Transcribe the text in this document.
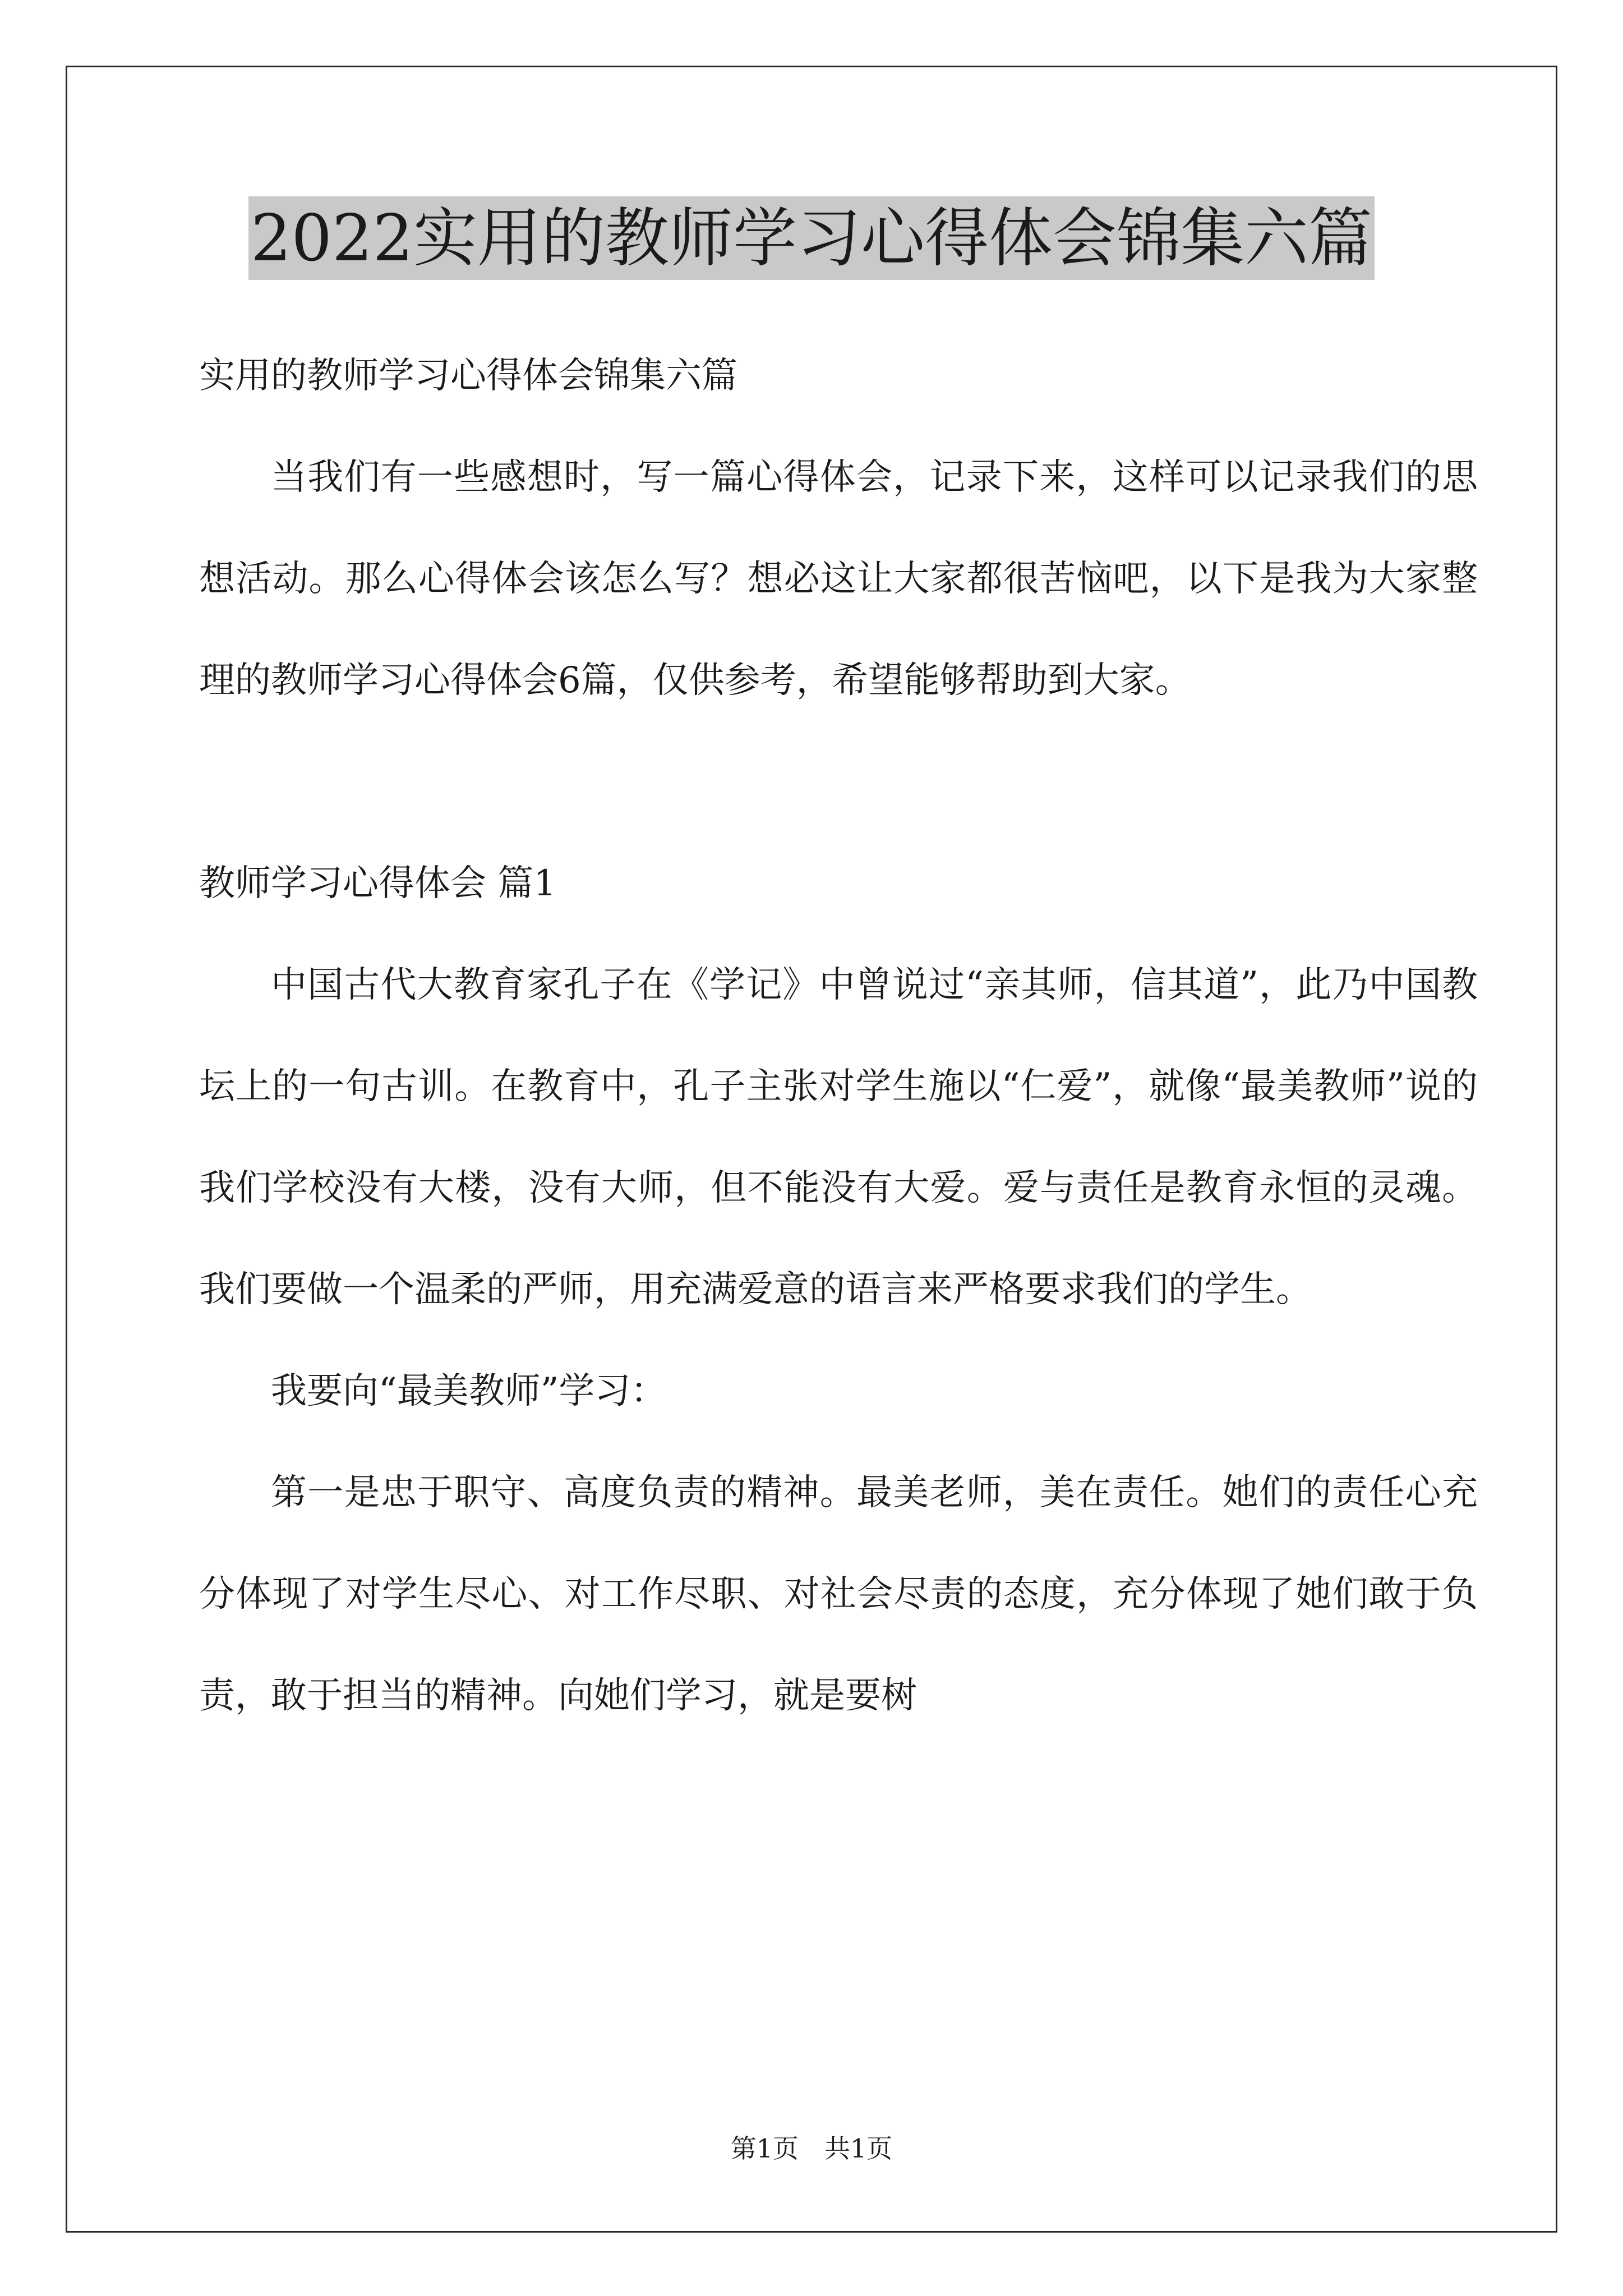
2022实用的教师学习心得体会锦集六篇

实用的教师学习心得体会锦集六篇

当我们有一些感想时，写一篇心得体会，记录下来，这样可以记录我们的思想活动。那么心得体会该怎么写？想必这让大家都很苦恼吧，以下是我为大家整理的教师学习心得体会6篇，仅供参考，希望能够帮助到大家。

教师学习心得体会 篇1

中国古代大教育家孔子在《学记》中曾说过“亲其师，信其道”，此乃中国教坛上的一句古训。在教育中，孔子主张对学生施以“仁爱”，就像“最美教师”说的我们学校没有大楼，没有大师，但不能没有大爱。爱与责任是教育永恒的灵魂。我们要做一个温柔的严师，用充满爱意的语言来严格要求我们的学生。

我要向“最美教师”学习：

第一是忠于职守、高度负责的精神。最美老师，美在责任。她们的责任心充分体现了对学生尽心、对工作尽职、对社会尽责的态度，充分体现了她们敢于负责，敢于担当的精神。向她们学习，就是要树

第1页　共1页
